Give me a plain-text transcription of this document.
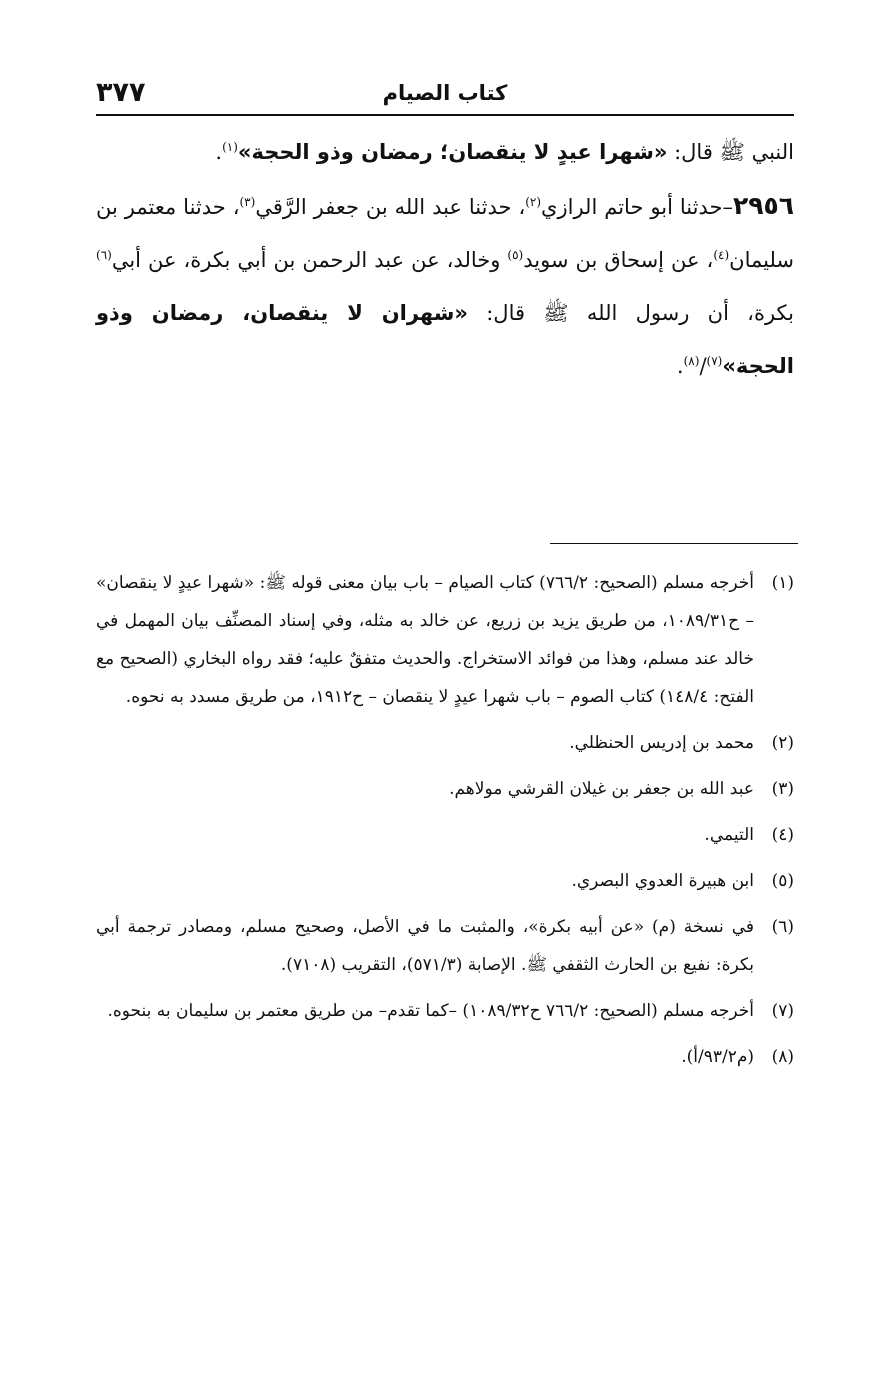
٣٧٧	كتاب الصيام

النبي ﷺ قال: «شهرا عيدٍ لا ينقصان؛ رمضان وذو الحجة»$^{(١)}$.

٢٩٥٦–حدثنا أبو حاتم الرازي$^{(٢)}$، حدثنا عبد الله بن جعفر الرَّقي$^{(٣)}$، حدثنا معتمر بن سليمان$^{(٤)}$، عن إسحاق بن سويد$^{(٥)}$ وخالد، عن عبد الرحمن بن أبي بكرة، عن أبي$^{(٦)}$ بكرة، أن رسول الله ﷺ قال: «شهران لا ينقصان، رمضان وذو الحجة»$^{(٧)}$/$^{(٨)}$.

(١)أخرجه مسلم (الصحيح: ٧٦٦/٢) كتاب الصيام – باب بيان معنى قوله ﷺ: «شهرا عيدٍ لا ينقصان» – ح١٠٨٩/٣١، من طريق يزيد بن زريع، عن خالد به مثله، وفي إسناد المصنِّف بيان المهمل في خالد عند مسلم، وهذا من فوائد الاستخراج. والحديث متفقٌ عليه؛ فقد رواه البخاري (الصحيح مع الفتح: ١٤٨/٤) كتاب الصوم – باب شهرا عيدٍ لا ينقصان – ح١٩١٢، من طريق مسدد به نحوه.

(٢)محمد بن إدريس الحنظلي.

(٣)عبد الله بن جعفر بن غيلان القرشي مولاهم.

(٤)التيمي.

(٥)ابن هبيرة العدوي البصري.

(٦)في نسخة (م) «عن أبيه بكرة»، والمثبت ما في الأصل، وصحيح مسلم، ومصادر ترجمة أبي بكرة: نفيع بن الحارث الثقفي ﷺ. الإصابة (٥٧١/٣)، التقريب (٧١٠٨).

(٧)أخرجه مسلم (الصحيح: ٧٦٦/٢ ح١٠٨٩/٣٢) –كما تقدم– من طريق معتمر بن سليمان به بنحوه.

(٨)(م٩٣/٢/أ).
